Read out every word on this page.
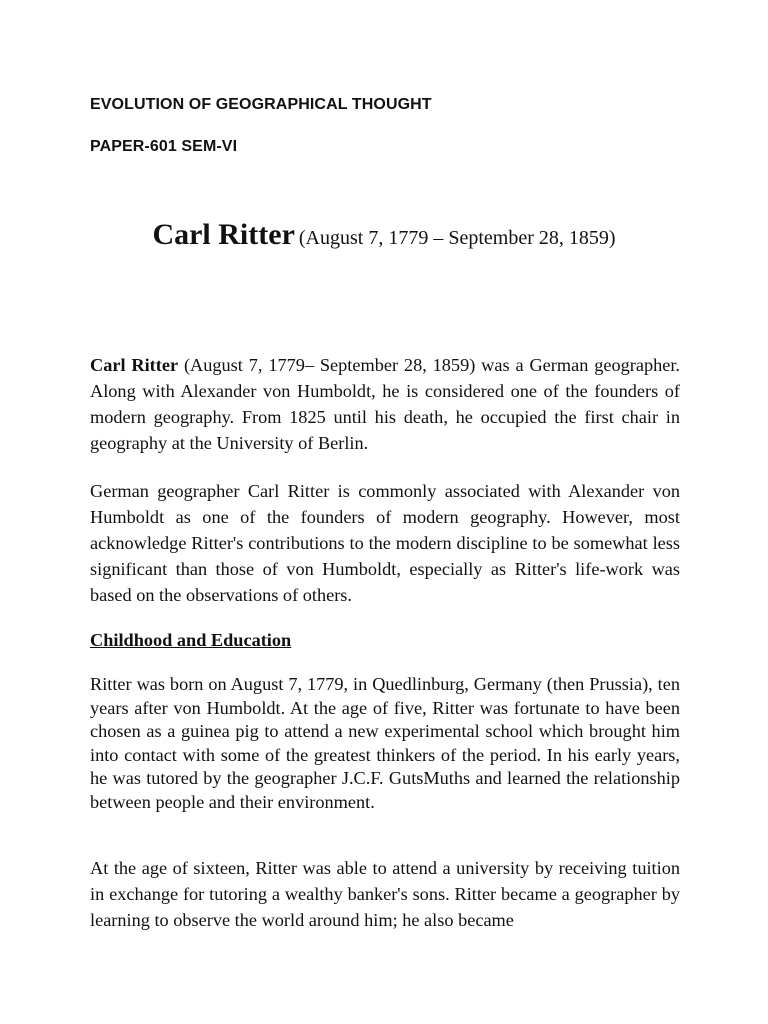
EVOLUTION OF GEOGRAPHICAL THOUGHT
PAPER-601 SEM-VI
Carl Ritter (August 7, 1779 – September 28, 1859)

Carl Ritter (August 7, 1779– September 28, 1859) was a German geographer. Along with Alexander von Humboldt, he is considered one of the founders of modern geography. From 1825 until his death, he occupied the first chair in geography at the University of Berlin.

German geographer Carl Ritter is commonly associated with Alexander von Humboldt as one of the founders of modern geography. However, most acknowledge Ritter's contributions to the modern discipline to be somewhat less significant than those of von Humboldt, especially as Ritter's life-work was based on the observations of others.

Childhood and Education

Ritter was born on August 7, 1779, in Quedlinburg, Germany (then Prussia), ten years after von Humboldt. At the age of five, Ritter was fortunate to have been chosen as a guinea pig to attend a new experimental school which brought him into contact with some of the greatest thinkers of the period. In his early years, he was tutored by the geographer J.C.F. GutsMuths and learned the relationship between people and their environment.

At the age of sixteen, Ritter was able to attend a university by receiving tuition in exchange for tutoring a wealthy banker's sons. Ritter became a geographer by learning to observe the world around him; he also became
